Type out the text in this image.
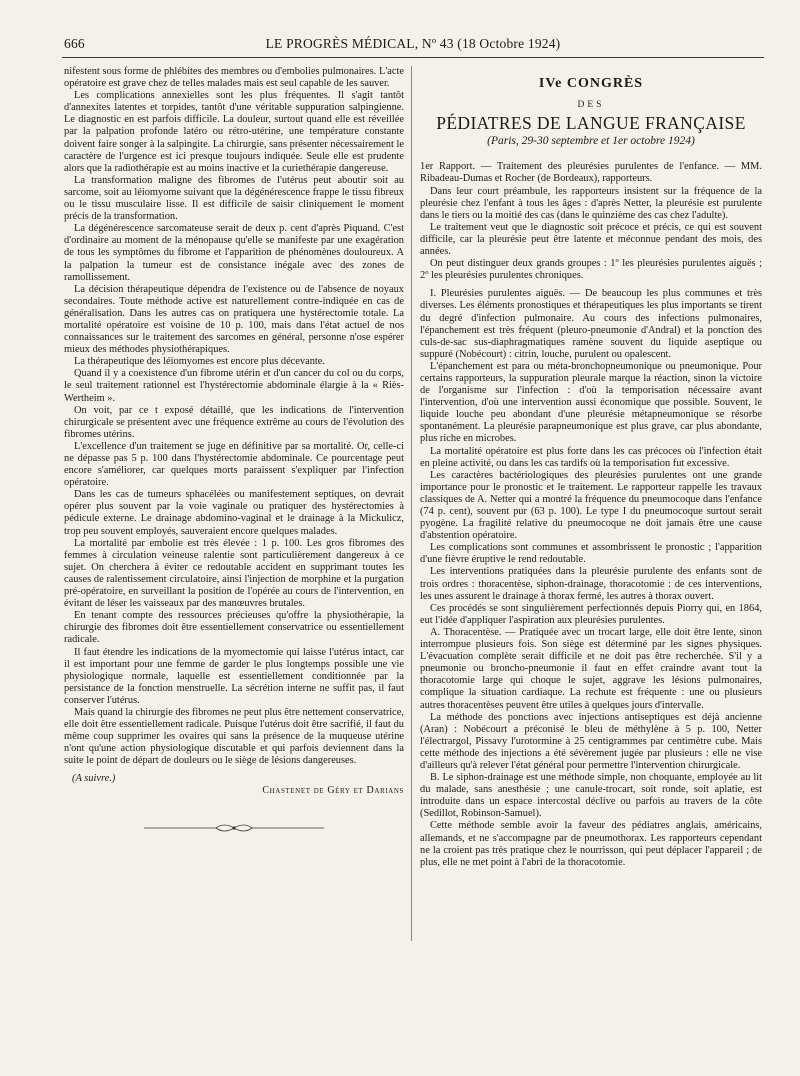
666	LE PROGRÈS MÉDICAL, Nº 43 (18 Octobre 1924)

nifestent sous forme de phlébites des membres ou d'embolies pulmonaires. L'acte opératoire est grave chez de telles malades mais est seul capable de les sauver.

Les complications annexielles sont les plus fréquentes. Il s'agit tantôt d'annexites latentes et torpides, tantôt d'une véritable suppuration salpingienne. Le diagnostic en est parfois difficile. La douleur, surtout quand elle est réveillée par la palpation profonde latéro ou rétro-utérine, une température constante doivent faire songer à la salpingite. La chirurgie, sans présenter nécessairement le caractère de l'urgence est ici presque toujours indiquée. Seule elle est prudente alors que la radiothérapie est au moins inactive et la curiethérapie dangereuse.

La transformation maligne des fibromes de l'utérus peut aboutir soit au sarcome, soit au léiomyome suivant que la dégénérescence frappe le tissu fibreux ou le tissu musculaire lisse. Il est difficile de saisir cliniquement le moment précis de la transformation.

La dégénérescence sarcomateuse serait de deux p. cent d'après Piquand. C'est d'ordinaire au moment de la ménopause qu'elle se manifeste par une exagération de tous les symptômes du fibrome et l'apparition de phénomènes douloureux. A la palpation la tumeur est de consistance inégale avec des zones de ramollissement.

La décision thérapeutique dépendra de l'existence ou de l'absence de noyaux secondaires. Toute méthode active est naturellement contre-indiquée en cas de généralisation. Dans les autres cas on pratiquera une hystérectomie totale. La mortalité opératoire est voisine de 10 p. 100, mais dans l'état actuel de nos connaissances sur le traitement des sarcomes en général, personne n'ose espérer mieux des méthodes physiothérapiques.

La thérapeutique des léiomyomes est encore plus décevante.

Quand il y a coexistence d'un fibrome utérin et d'un cancer du col ou du corps, le seul traitement rationnel est l'hystérectomie abdominale élargie à la « Riès-Wertheim ».

On voit, par ce t exposé détaillé, que les indications de l'intervention chirurgicale se présentent avec une fréquence extrême au cours de l'évolution des fibromes utérins.

L'excellence d'un traitement se juge en définitive par sa mortalité. Or, celle-ci ne dépasse pas 5 p. 100 dans l'hystérectomie abdominale. Ce pourcentage peut encore s'améliorer, car quelques morts paraissent s'expliquer par l'infection opératoire.

Dans les cas de tumeurs sphacélées ou manifestement septiques, on devrait opérer plus souvent par la voie vaginale ou pratiquer des hystérectomies à pédicule externe. Le drainage abdomino-vaginal et le drainage à la Mickulicz, trop peu souvent employés, sauveraient encore quelques malades.

La mortalité par embolie est très élevée : 1 p. 100. Les gros fibromes des femmes à circulation veineuse ralentie sont particulièrement dangereux à ce sujet. On cherchera à éviter ce redoutable accident en supprimant toutes les causes de ralentissement circulatoire, ainsi l'injection de morphine et la purgation pré-opératoire, en surveillant la position de l'opérée au cours de l'intervention, en évitant de léser les vaisseaux par des manœuvres brutales.

En tenant compte des ressources précieuses qu'offre la physiothérapie, la chirurgie des fibromes doit être essentiellement conservatrice ou essentiellement radicale.

Il faut étendre les indications de la myomectomie qui laisse l'utérus intact, car il est important pour une femme de garder le plus longtemps possible une vie physiologique normale, laquelle est essentiellement conditionnée par la persistance de la fonction menstruelle. La sécrétion interne ne suffit pas, il faut conserver l'utérus.

Mais quand la chirurgie des fibromes ne peut plus être nettement conservatrice, elle doit être essentiellement radicale. Puisque l'utérus doit être sacrifié, il faut du même coup supprimer les ovaires qui sans la présence de la muqueuse utérine n'ont qu'une action physiologique discutable et qui parfois deviennent dans la suite le point de départ de douleurs ou le siège de lésions dangereuses.

(A suivre.)
Chastenet de Géry et Darians
IVe CONGRÈS
DES
PÉDIATRES DE LANGUE FRANÇAISE
(Paris, 29-30 septembre et 1er octobre 1924)

1er Rapport. — Traitement des pleurésies purulentes de l'enfance. — MM. Ribadeau-Dumas et Rocher (de Bordeaux), rapporteurs.

Dans leur court préambule, les rapporteurs insistent sur la fréquence de la pleurésie chez l'enfant à tous les âges : d'après Netter, la pleurésie est purulente dans le tiers ou la moitié des cas (dans le quinzième des cas chez l'adulte).

Le traitement veut que le diagnostic soit précoce et précis, ce qui est souvent difficile, car la pleurésie peut être latente et méconnue pendant des mois, des années.

On peut distinguer deux grands groupes : 1º les pleurésies purulentes aiguës ; 2º les pleurésies purulentes chroniques.

I. Pleurésies purulentes aiguës. — De beaucoup les plus communes et très diverses. Les éléments pronostiques et thérapeutiques les plus importants se tirent du degré d'infection pulmonaire. Au cours des infections pulmonaires, l'épanchement est très fréquent (pleuro-pneumonie d'Andral) et la ponction des culs-de-sac sus-diaphragmatiques ramène souvent du liquide aseptique ou suppuré (Nobécourt) : citrin, louche, purulent ou opalescent.

L'épanchement est para ou méta-bronchopneumonique ou pneumonique. Pour certains rapporteurs, la suppuration pleurale marque la réaction, sinon la victoire de l'organisme sur l'infection : d'où la temporisation nécessaire avant l'intervention, d'où une intervention aussi économique que possible. Souvent, le liquide louche peu abondant d'une pleurésie métapneumonique se résorbe spontanément. La pleurésie parapneumonique est plus grave, car plus abondante, plus riche en microbes.

La mortalité opératoire est plus forte dans les cas précoces où l'infection était en pleine activité, ou dans les cas tardifs où la temporisation fut excessive.

Les caractères bactériologiques des pleurésies purulentes ont une grande importance pour le pronostic et le traitement. Le rapporteur rappelle les travaux classiques de A. Netter qui a montré la fréquence du pneumocoque dans l'enfance (74 p. cent), souvent pur (63 p. 100). Le type I du pneumocoque surtout serait pyogène. La fragilité relative du pneumocoque ne doit jamais être une cause d'abstention opératoire.

Les complications sont communes et assombrissent le pronostic ; l'apparition d'une fièvre éruptive le rend redoutable.

Les interventions pratiquées dans la pleurésie purulente des enfants sont de trois ordres : thoracentèse, siphon-drainage, thoracotomie : de ces interventions, les unes assurent le drainage à thorax fermé, les autres à thorax ouvert.

Ces procédés se sont singulièrement perfectionnés depuis Piorry qui, en 1864, eut l'idée d'appliquer l'aspiration aux pleurésies purulentes.

A. Thoracentèse. — Pratiquée avec un trocart large, elle doit être lente, sinon interrompue plusieurs fois. Son siège est déterminé par les signes physiques. L'évacuation complète serait difficile et ne doit pas être recherchée. S'il y a pneumonie ou broncho-pneumonie il faut en effet craindre avant tout la thoracotomie large qui choque le sujet, aggrave les lésions pulmonaires, complique la situation cardiaque. La rechute est fréquente : une ou plusieurs autres thoracentèses peuvent être utiles à quelques jours d'intervalle.

La méthode des ponctions avec injections antiseptiques est déjà ancienne (Aran) : Nobécourt a préconisé le bleu de méthylène à 5 p. 100, Netter l'électrargol, Pissavy l'urotormine à 25 centigrammes par centimètre cube. Mais cette méthode des injections a été sévèrement jugée par plusieurs : elle ne vise d'ailleurs qu'à relever l'état général pour permettre l'intervention chirurgicale.

B. Le siphon-drainage est une méthode simple, non choquante, employée au lit du malade, sans anesthésie ; une canule-trocart, soit ronde, soit aplatie, est introduite dans un espace intercostal déclive ou parfois au travers de la côte (Sedillot, Robinson-Samuel).

Cette méthode semble avoir la faveur des pédiatres anglais, américains, allemands, et ne s'accompagne par de pneumothorax. Les rapporteurs cependant ne la croient pas très pratique chez le nourrisson, qui peut déplacer l'appareil ; de plus, elle ne met point à l'abri de la thoracotomie.
